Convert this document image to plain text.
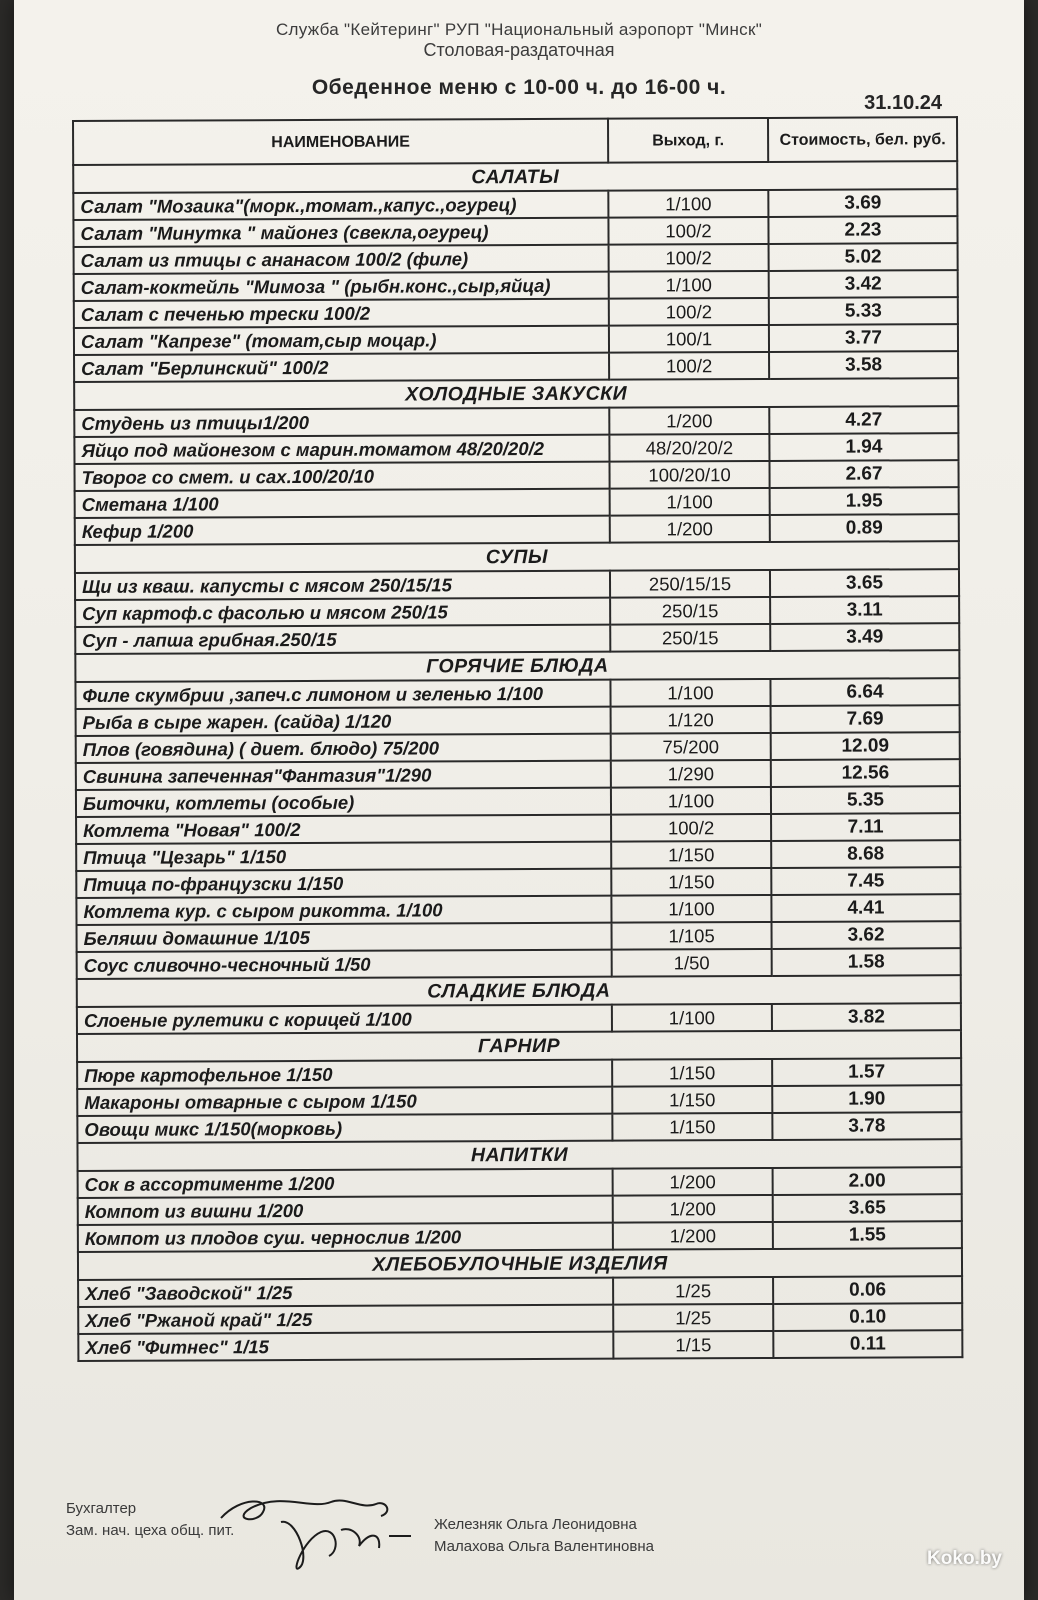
Служба "Кейтеринг" РУП "Национальный аэропорт "Минск"
Столовая-раздаточная
Обеденное меню с 10-00 ч. до 16-00 ч.
31.10.24
НАИМЕНОВАНИЕ	Выход, г.	Стоимость, бел. руб.
САЛАТЫ		
Салат "Мозаика"(морк.,томат.,капус.,огурец)	1/100	3.69
Салат "Минутка " майонез (свекла,огурец)	100/2	2.23
Салат из птицы с ананасом 100/2 (филе)	100/2	5.02
Салат-коктейль "Мимоза " (рыбн.конс.,сыр,яйца)	1/100	3.42
Салат с печенью трески 100/2	100/2	5.33
Салат "Капрезе" (томат,сыр моцар.)	100/1	3.77
Салат "Берлинский" 100/2	100/2	3.58
ХОЛОДНЫЕ ЗАКУСКИ		
Студень из птицы1/200	1/200	4.27
Яйцо под майонезом с марин.томатом 48/20/20/2	48/20/20/2	1.94
Творог со смет. и сах.100/20/10	100/20/10	2.67
Сметана 1/100	1/100	1.95
Кефир 1/200	1/200	0.89
СУПЫ		
Щи из кваш. капусты с мясом 250/15/15	250/15/15	3.65
Суп картоф.с фасолью и мясом 250/15	250/15	3.11
Суп - лапша грибная.250/15	250/15	3.49
ГОРЯЧИЕ БЛЮДА		
Филе скумбрии ,запеч.с лимоном и зеленью 1/100	1/100	6.64
Рыба в сыре жарен. (сайда) 1/120	1/120	7.69
Плов (говядина) ( диет. блюдо) 75/200	75/200	12.09
Свинина запеченная"Фантазия"1/290	1/290	12.56
Биточки, котлеты (особые)	1/100	5.35
Котлета "Новая" 100/2	100/2	7.11
Птица "Цезарь" 1/150	1/150	8.68
Птица по-французски 1/150	1/150	7.45
Котлета кур. с сыром рикотта. 1/100	1/100	4.41
Беляши домашние 1/105	1/105	3.62
Соус сливочно-чесночный 1/50	1/50	1.58
СЛАДКИЕ БЛЮДА		
Слоеные рулетики с корицей 1/100	1/100	3.82
ГАРНИР		
Пюре картофельное 1/150	1/150	1.57
Макароны отварные с сыром 1/150	1/150	1.90
Овощи микс 1/150(морковь)	1/150	3.78
НАПИТКИ		
Сок в ассортименте 1/200	1/200	2.00
Компот из вишни 1/200	1/200	3.65
Компот из плодов суш. чернослив 1/200	1/200	1.55
ХЛЕБОБУЛОЧНЫЕ ИЗДЕЛИЯ		
Хлеб "Заводской" 1/25	1/25	0.06
Хлеб "Ржаной край" 1/25	1/25	0.10
Хлеб "Фитнес" 1/15	1/15	0.11
Бухгалтер
Зам. нач. цеха общ. пит.	Железняк Ольга Леонидовна
Малахова Ольга Валентиновна
Koko.by
